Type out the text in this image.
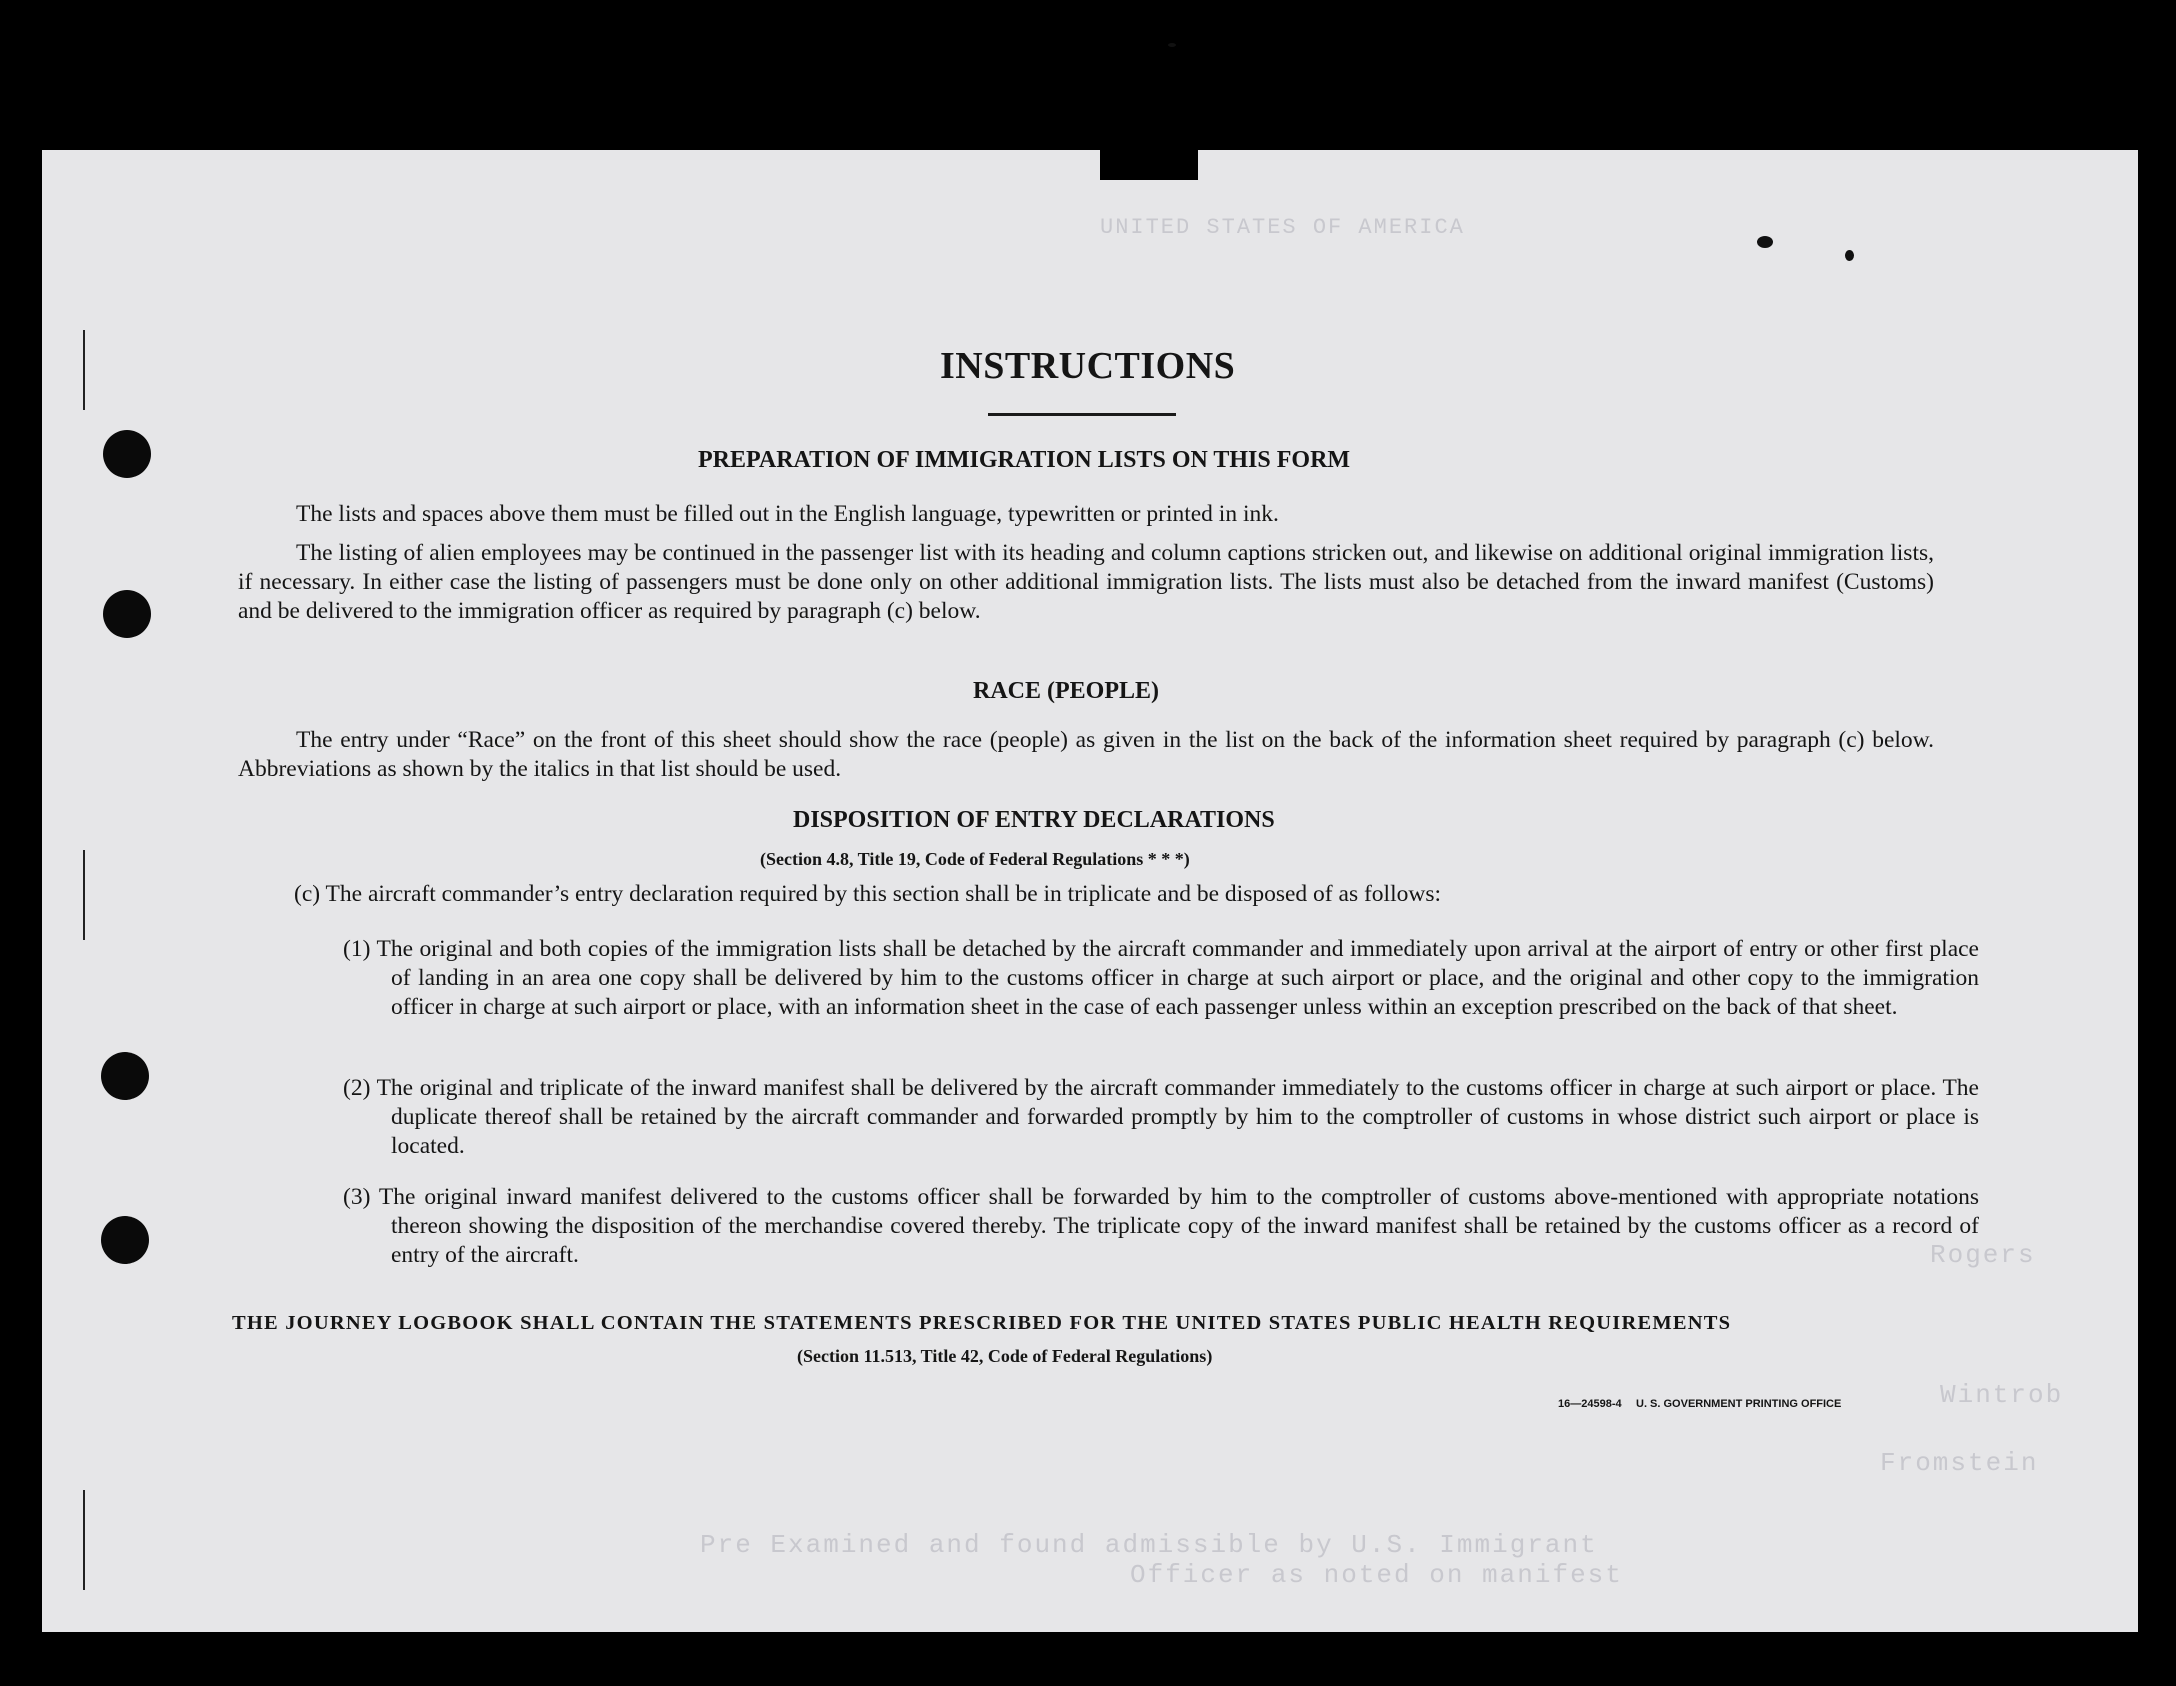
UNITED STATES OF AMERICA
Pre Examined and found admissible by U.S. Immigrant
Officer as noted on manifest
Rogers
Wintrob
Fromstein
INSTRUCTIONS
PREPARATION OF IMMIGRATION LISTS ON THIS FORM
The lists and spaces above them must be filled out in the English language, typewritten or printed in ink.
The listing of alien employees may be continued in the passenger list with its heading and column captions stricken out, and likewise on additional original immigration lists, if necessary. In either case the listing of passengers must be done only on other additional immigration lists. The lists must also be detached from the inward manifest (Customs) and be delivered to the immigration officer as required by paragraph (c) below.
RACE (PEOPLE)
The entry under “Race” on the front of this sheet should show the race (people) as given in the list on the back of the information sheet required by paragraph (c) below. Abbreviations as shown by the italics in that list should be used.
DISPOSITION OF ENTRY DECLARATIONS
(Section 4.8, Title 19, Code of Federal Regulations * * *)
(c) The aircraft commander’s entry declaration required by this section shall be in triplicate and be disposed of as follows:
(1) The original and both copies of the immigration lists shall be detached by the aircraft commander and immediately upon arrival at the airport of entry or other first place of landing in an area one copy shall be delivered by him to the customs officer in charge at such airport or place, and the original and other copy to the immigration officer in charge at such airport or place, with an information sheet in the case of each passenger unless within an exception prescribed on the back of that sheet.
(2) The original and triplicate of the inward manifest shall be delivered by the aircraft commander immediately to the customs officer in charge at such airport or place. The duplicate thereof shall be retained by the aircraft commander and forwarded promptly by him to the comptroller of customs in whose district such airport or place is located.
(3) The original inward manifest delivered to the customs officer shall be forwarded by him to the comptroller of customs above-mentioned with appropriate notations thereon showing the disposition of the merchandise covered thereby. The triplicate copy of the inward manifest shall be retained by the customs officer as a record of entry of the aircraft.
THE JOURNEY LOGBOOK SHALL CONTAIN THE STATEMENTS PRESCRIBED FOR THE UNITED STATES PUBLIC HEALTH REQUIREMENTS
(Section 11.513, Title 42, Code of Federal Regulations)
16—24598-4 U. S. GOVERNMENT PRINTING OFFICE
